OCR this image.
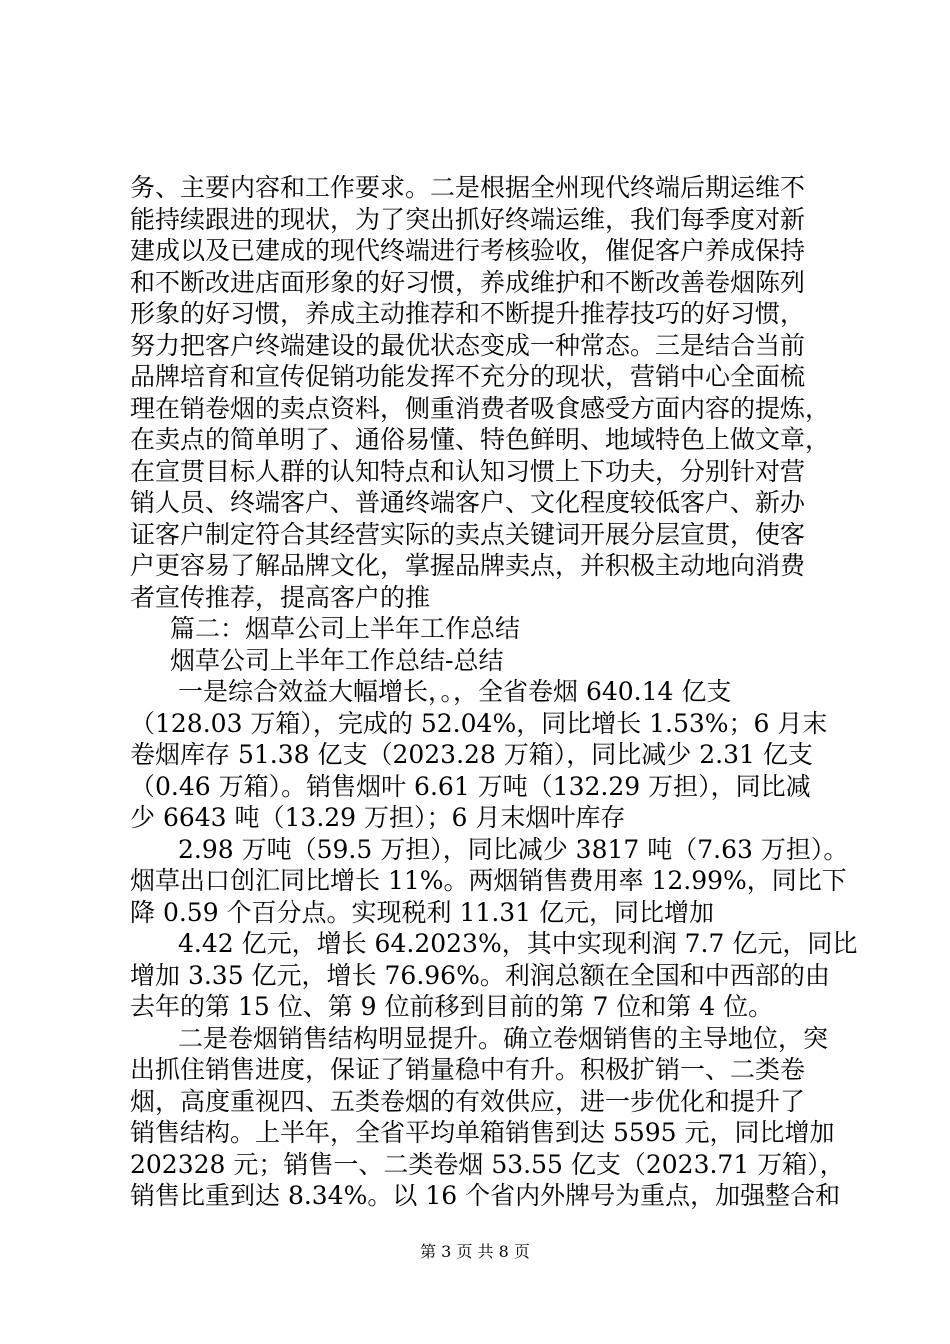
务、主要内容和工作要求。二是根据全州现代终端后期运维不
能持续跟进的现状，为了突出抓好终端运维，我们每季度对新
建成以及已建成的现代终端进行考核验收，催促客户养成保持
和不断改进店面形象的好习惯，养成维护和不断改善卷烟陈列
形象的好习惯，养成主动推荐和不断提升推荐技巧的好习惯，
努力把客户终端建设的最优状态变成一种常态。三是结合当前
品牌培育和宣传促销功能发挥不充分的现状，营销中心全面梳
理在销卷烟的卖点资料，侧重消费者吸食感受方面内容的提炼，
在卖点的简单明了、通俗易懂、特色鲜明、地域特色上做文章，
在宣贯目标人群的认知特点和认知习惯上下功夫，分别针对营
销人员、终端客户、普通终端客户、文化程度较低客户、新办
证客户制定符合其经营实际的卖点关键词开展分层宣贯，使客
户更容易了解品牌文化，掌握品牌卖点，并积极主动地向消费
者宣传推荐，提高客户的推
篇二：烟草公司上半年工作总结
烟草公司上半年工作总结-总结
一是综合效益大幅增长，。，全省卷烟 640.14 亿支
（128.03 万箱），完成的 52.04%，同比增长 1.53%；6 月末
卷烟库存 51.38 亿支（2023.28 万箱），同比减少 2.31 亿支
（0.46 万箱）。销售烟叶 6.61 万吨（132.29 万担），同比减
少 6643 吨（13.29 万担）；6 月末烟叶库存
2.98 万吨（59.5 万担），同比减少 3817 吨（7.63 万担）。
烟草出口创汇同比增长 11%。两烟销售费用率 12.99%，同比下
降 0.59 个百分点。实现税利 11.31 亿元，同比增加
4.42 亿元，增长 64.2023%，其中实现利润 7.7 亿元，同比
增加 3.35 亿元，增长 76.96%。利润总额在全国和中西部的由
去年的第 15 位、第 9 位前移到目前的第 7 位和第 4 位。
二是卷烟销售结构明显提升。确立卷烟销售的主导地位，突
出抓住销售进度，保证了销量稳中有升。积极扩销一、二类卷
烟，高度重视四、五类卷烟的有效供应，进一步优化和提升了
销售结构。上半年，全省平均单箱销售到达 5595 元，同比增加
202328 元；销售一、二类卷烟 53.55 亿支（2023.71 万箱），
销售比重到达 8.34%。以 16 个省内外牌号为重点，加强整合和
第 3 页 共 8 页
